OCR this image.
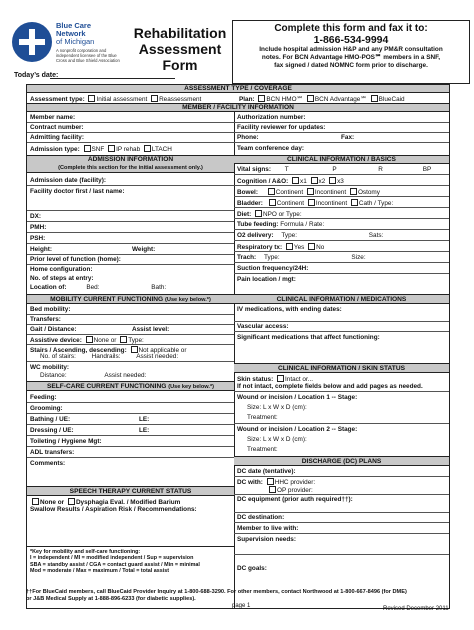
Blue Care
Network
of Michigan
A nonprofit corporation and independent licensee of the Blue Cross and Blue Shield Association
Rehabilitation
Assessment
Form
Complete this form and fax it to:
1-866-534-9994
Include hospital admission H&P and any PM&R consultation
notes. For BCN Advantage HMO-POS℠ members in a SNF,
fax signed / dated NOMNC form prior to discharge.
Today’s date:
ASSESSMENT TYPE / COVERAGE
Assessment type: Initial assessment Reassessment	Plan: BCN HMO℠ BCN Advantage℠ BlueCaid
MEMBER / FACILITY INFORMATION
Member name:	Authorization number:
Contract number:	Facility reviewer for updates:
Admitting facility:	Phone:	Fax:
Admission type: SNF IP rehab LTACH	Team conference day:
ADMISSION INFORMATION
(Complete this section for the initial assessment only.)
CLINICAL INFORMATION / BASICS
Admission date (facility):
Facility doctor first / last name:
DX:
PMH:
PSH:
Height:	Weight:
Prior level of function (home):
Home configuration:
No. of steps at entry:
Location of:	Bed:	Bath:
Vital signs: T	P	R	BP
Cognition / A&O: x1 x2 x3
Bowel:	Continent Incontinent Ostomy
Bladder: Continent Incontinent Cath / Type:
Diet: NPO or Type:
Tube feeding: Formula / Rate:
O2 delivery: Type:	Sats:
Respiratory tx: Yes No
Trach: Type:	Size:
Suction frequency/24H:
Pain location / mgt:
MOBILITY CURRENT FUNCTIONING (Use key below.*)	CLINICAL INFORMATION / MEDICATIONS
Bed mobility:
Transfers:
Gait / Distance:	Assist level:
Assistive device: None or Type:
Stairs / Ascending, descending: Not applicable or
No. of stairs: Handrails: Assist needed:
WC mobility:
Distance:	Assist needed:
IV medications, with ending dates:
Vascular access:
Significant medications that affect functioning:
SELF-CARE CURRENT FUNCTIONING (Use key below.*)
CLINICAL INFORMATION / SKIN STATUS
Skin status: Intact or...
If not intact, complete fields below and add pages as needed.
Wound or incision / Location 1 -- Stage:
Size: L x W x D (cm):
Treatment:
Wound or incision / Location 2 -- Stage:
Size: L x W x D (cm):
Treatment:
Feeding:
Grooming:
Bathing / UE:	LE:
Dressing / UE:	LE:
Toileting / Hygiene Mgt:
ADL transfers:
Comments:	DISCHARGE (DC) PLANS
DC date (tentative):
DC with: HHC provider:
OP provider:
DC equipment (prior auth required††):
DC destination:
Member to live with:
Supervision needs:
DC goals:
SPEECH THERAPY CURRENT STATUS
None or Dysphagia Eval. / Modified Barium
Swallow Results / Aspiration Risk / Recommendations:
*Key for mobility and self-care functioning:
I = independent / MI = modified independent / Sup = supervision
SBA = standby assist / CGA = contact guard assist / Min = minimal
Mod = moderate / Max = maximum / Total = total assist
††For BlueCaid members, call BlueCaid Provider Inquiry at 1-800-688-3290. For other members, contact Northwood at 1-800-667-8496 (for DME)
or J&B Medical Supply at 1-888-896-6233 (for diabetic supplies).
page 1	Revised December 2011
